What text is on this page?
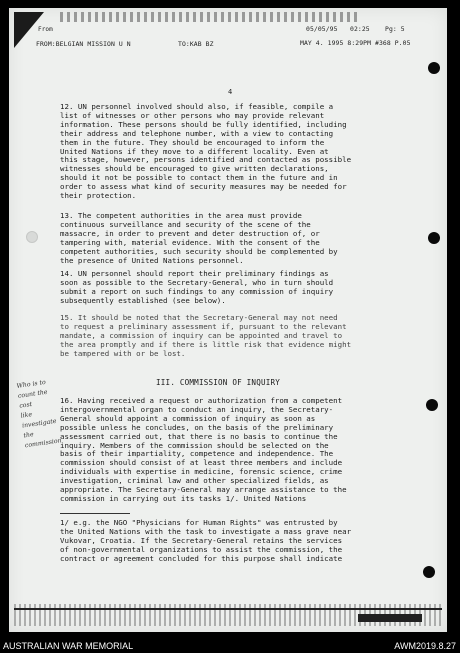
From	05/05/95 02:25 Pg: 5
FROM:BELGIAN MISSION U N	TO:KAB BZ	MAY 4. 1995 8:29PM #368 P.05
4
12. UN personnel involved should also, if feasible, compile a
list of witnesses or other persons who may provide relevant
information. These persons should be fully identified, including
their address and telephone number, with a view to contacting
them in the future. They should be encouraged to inform the
United Nations if they move to a different locality. Even at
this stage, however, persons identified and contacted as possible
witnesses should be encouraged to give written declarations,
should it not be possible to contact them in the future and in
order to assess what kind of security measures may be needed for
their protection.
13. The competent authorities in the area must provide
continuous surveillance and security of the scene of the
massacre, in order to prevent and deter destruction of, or
tampering with, material evidence. With the consent of the
competent authorities, such security should be complemented by
the presence of United Nations personnel.
14. UN personnel should report their preliminary findings as
soon as possible to the Secretary-General, who in turn should
submit a report on such findings to any commission of inquiry
subsequently established (see below).
15. It should be noted that the Secretary-General may not need
to request a preliminary assessment if, pursuant to the relevant
mandate, a commission of inquiry can be appointed and travel to
the area promptly and if there is little risk that evidence might
be tampered with or be lost.
III. COMMISSION OF INQUIRY
16. Having received a request or authorization from a competent
intergovernmental organ to conduct an inquiry, the Secretary-
General should appoint a commission of inquiry as soon as
possible unless he concludes, on the basis of the preliminary
assessment carried out, that there is no basis to continue the
inquiry. Members of the commission should be selected on the
basis of their impartiality, competence and independence. The
commission should consist of at least three members and include
individuals with expertise in medicine, forensic science, crime
investigation, criminal law and other specialized fields, as
appropriate. The Secretary-General may arrange assistance to the
commission in carrying out its tasks 1/. United Nations
1/ e.g. the NGO "Physicians for Human Rights" was entrusted by
the United Nations with the task to investigate a mass grave near
Vukovar, Croatia. If the Secretary-General retains the services
of non-governmental organizations to assist the commission, the
contract or agreement concluded for this purpose shall indicate
Who is to
count the
cost
like
investigate
the
commission
AUSTRALIAN WAR MEMORIAL	AWM2019.8.27
